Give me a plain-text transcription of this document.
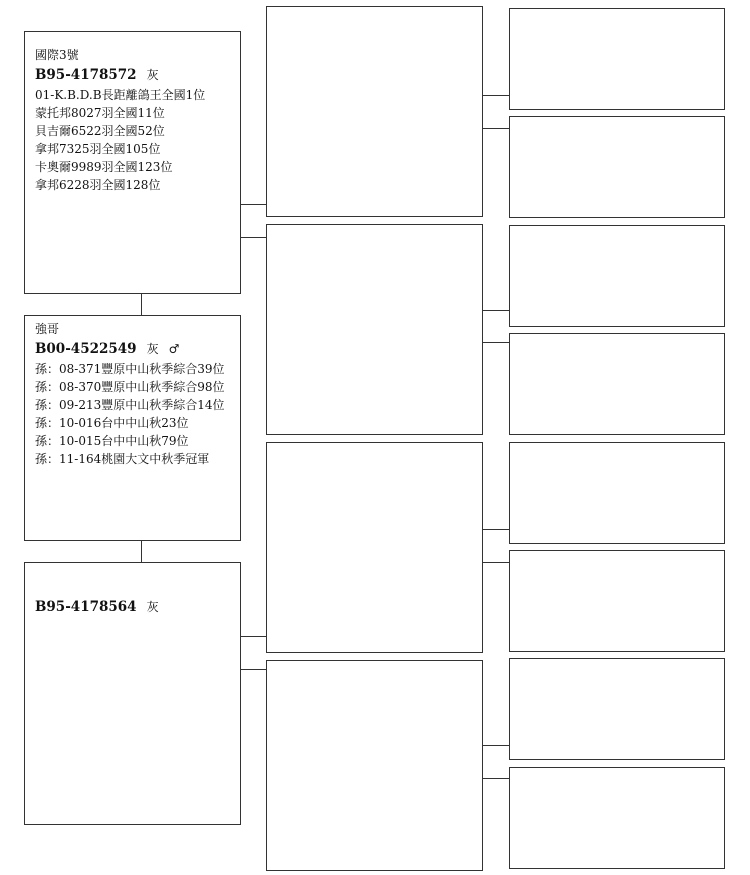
國際3號
B95-4178572 灰
01-K.B.D.B長距離鴿王全國1位
蒙托邦8027羽全國11位
貝吉爾6522羽全國52位
拿邦7325羽全國105位
卡奧爾9989羽全國123位
拿邦6228羽全國128位
強哥
B00-4522549 灰 ♂
孫：08-371豐原中山秋季綜合39位
孫：08-370豐原中山秋季綜合98位
孫：09-213豐原中山秋季綜合14位
孫：10-016台中中山秋23位
孫：10-015台中中山秋79位
孫：11-164桃園大文中秋季冠軍
B95-4178564 灰
